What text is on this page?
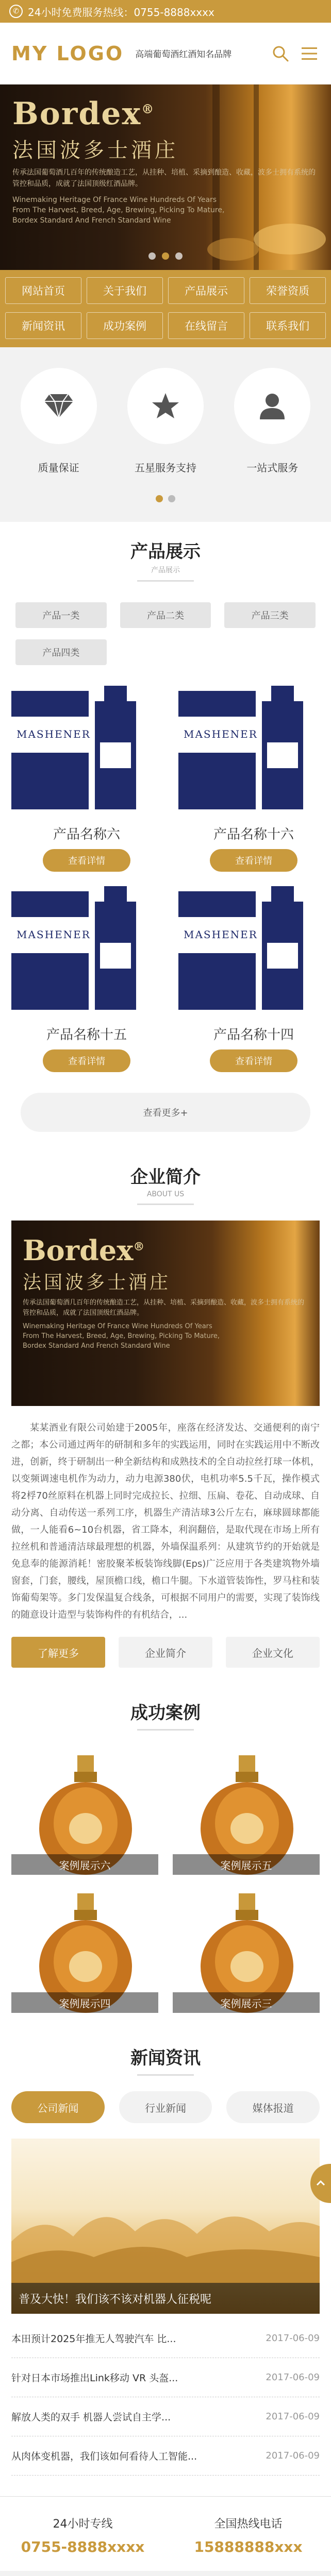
✆ 24小时免费服务热线：0755-8888xxxx
MY LOGO	高端葡萄酒红酒知名品牌
Bordex®
法国波多士酒庄
传承法国葡萄酒几百年的传统酿造工艺，从挂种、培植、采摘到酿造、收藏，波多士拥有系统的管控和品质，成就了法国顶级红酒品牌。
Winemaking Heritage Of France Wine Hundreds Of Years From The Harvest, Breed, Age, Brewing, Picking To Mature, Bordex Standard And French Standard Wine
网站首页	关于我们	产品展示	荣誉资质
新闻资讯	成功案例	在线留言	联系我们
质量保证	五星服务支持	一站式服务
产品展示
产品展示
产品一类	产品二类	产品三类
产品四类
MASHENER
产品名称六
查看详情
MASHENER
产品名称十六
查看详情
MASHENER
产品名称十五
查看详情
MASHENER
产品名称十四
查看详情
查看更多+
企业简介
ABOUT US
Bordex®
法国波多士酒庄
传承法国葡萄酒几百年的传统酿造工艺，从挂种、培植、采摘到酿造、收藏，波多士拥有系统的管控和品质，成就了法国顶级红酒品牌。
Winemaking Heritage Of France Wine Hundreds Of Years From The Harvest, Breed, Age, Brewing, Picking To Mature, Bordex Standard And French Standard Wine
某某酒业有限公司始建于2005年，座落在经济发达、交通便利的南宁之都；本公司通过两年的研制和多年的实践运用，同时在实践运用中不断改进，创新，终于研制出一种全新结构和成熟技术的全自动拉丝打球一体机，以变频调速电机作为动力，动力电源380伏，电机功率5.5千瓦，操作模式将2桴70丝原料在机器上同时完成拉长、拉细、压扁、卷花、自动成球、自动分离、自动传送一系列工序，机器生产清洁球3公斤左右，麻球圆球都能做，一人能看6~10台机器，省工降本，利润翻倍，是取代现在市场上所有拉丝机和普通清洁球最理想的机器，外墙保温系列：从建筑节约的开始就是免息奉的能源消耗！密胶聚苯板装饰线脚(Eps)广泛应用于各类建筑物外墙窗套，门套，腰线，屋顶檐口线，檐口牛腿。下水道管装饰性，罗马柱和装饰葡萄架等。多门发保温复合线条，可根据不同用户的需要，实现了装饰线的随意设计造型与装饰构件的有机结合，...
了解更多	企业简介	企业文化
成功案例
案例展示六	案例展示五
案例展示四	案例展示三
新闻资讯
公司新闻	行业新闻	媒体报道
普及大快！我们该不该对机器人征税呢
本田预计2025年推无人驾驶汽车 比...	2017-06-09
针对日本市场推出Link移动 VR 头盔...	2017-06-09
解放人类的双手 机器人尝试自主学...	2017-06-09
从肉体变机器，我们该如何看待人工智能...	2017-06-09
24小时专线
0755-8888xxxx
全国热线电话
15888888xxx
